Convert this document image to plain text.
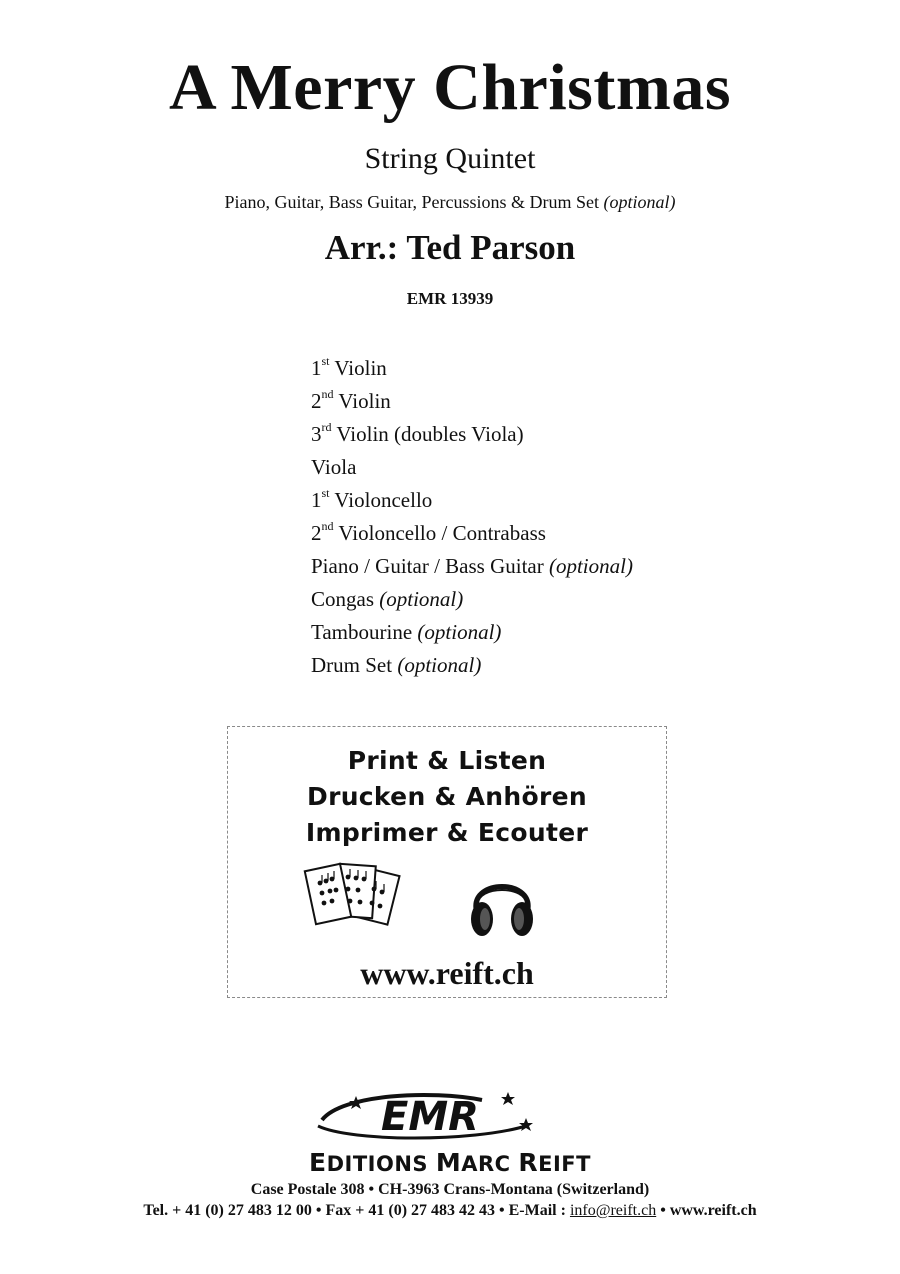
A Merry Christmas
String Quintet
Piano, Guitar, Bass Guitar, Percussions & Drum Set (optional)
Arr.: Ted Parson
EMR 13939
1st Violin
2nd Violin
3rd Violin (doubles Viola)
Viola
1st Violoncello
2nd Violoncello / Contrabass
Piano / Guitar / Bass Guitar (optional)
Congas (optional)
Tambourine (optional)
Drum Set (optional)
Print & Listen
Drucken & Anhören
Imprimer & Ecouter
www.reift.ch
EMR
EDITIONS MARC REIFT
Case Postale 308 • CH-3963 Crans-Montana (Switzerland)
Tel. + 41 (0) 27 483 12 00 • Fax + 41 (0) 27 483 42 43 • E-Mail : info@reift.ch • www.reift.ch
